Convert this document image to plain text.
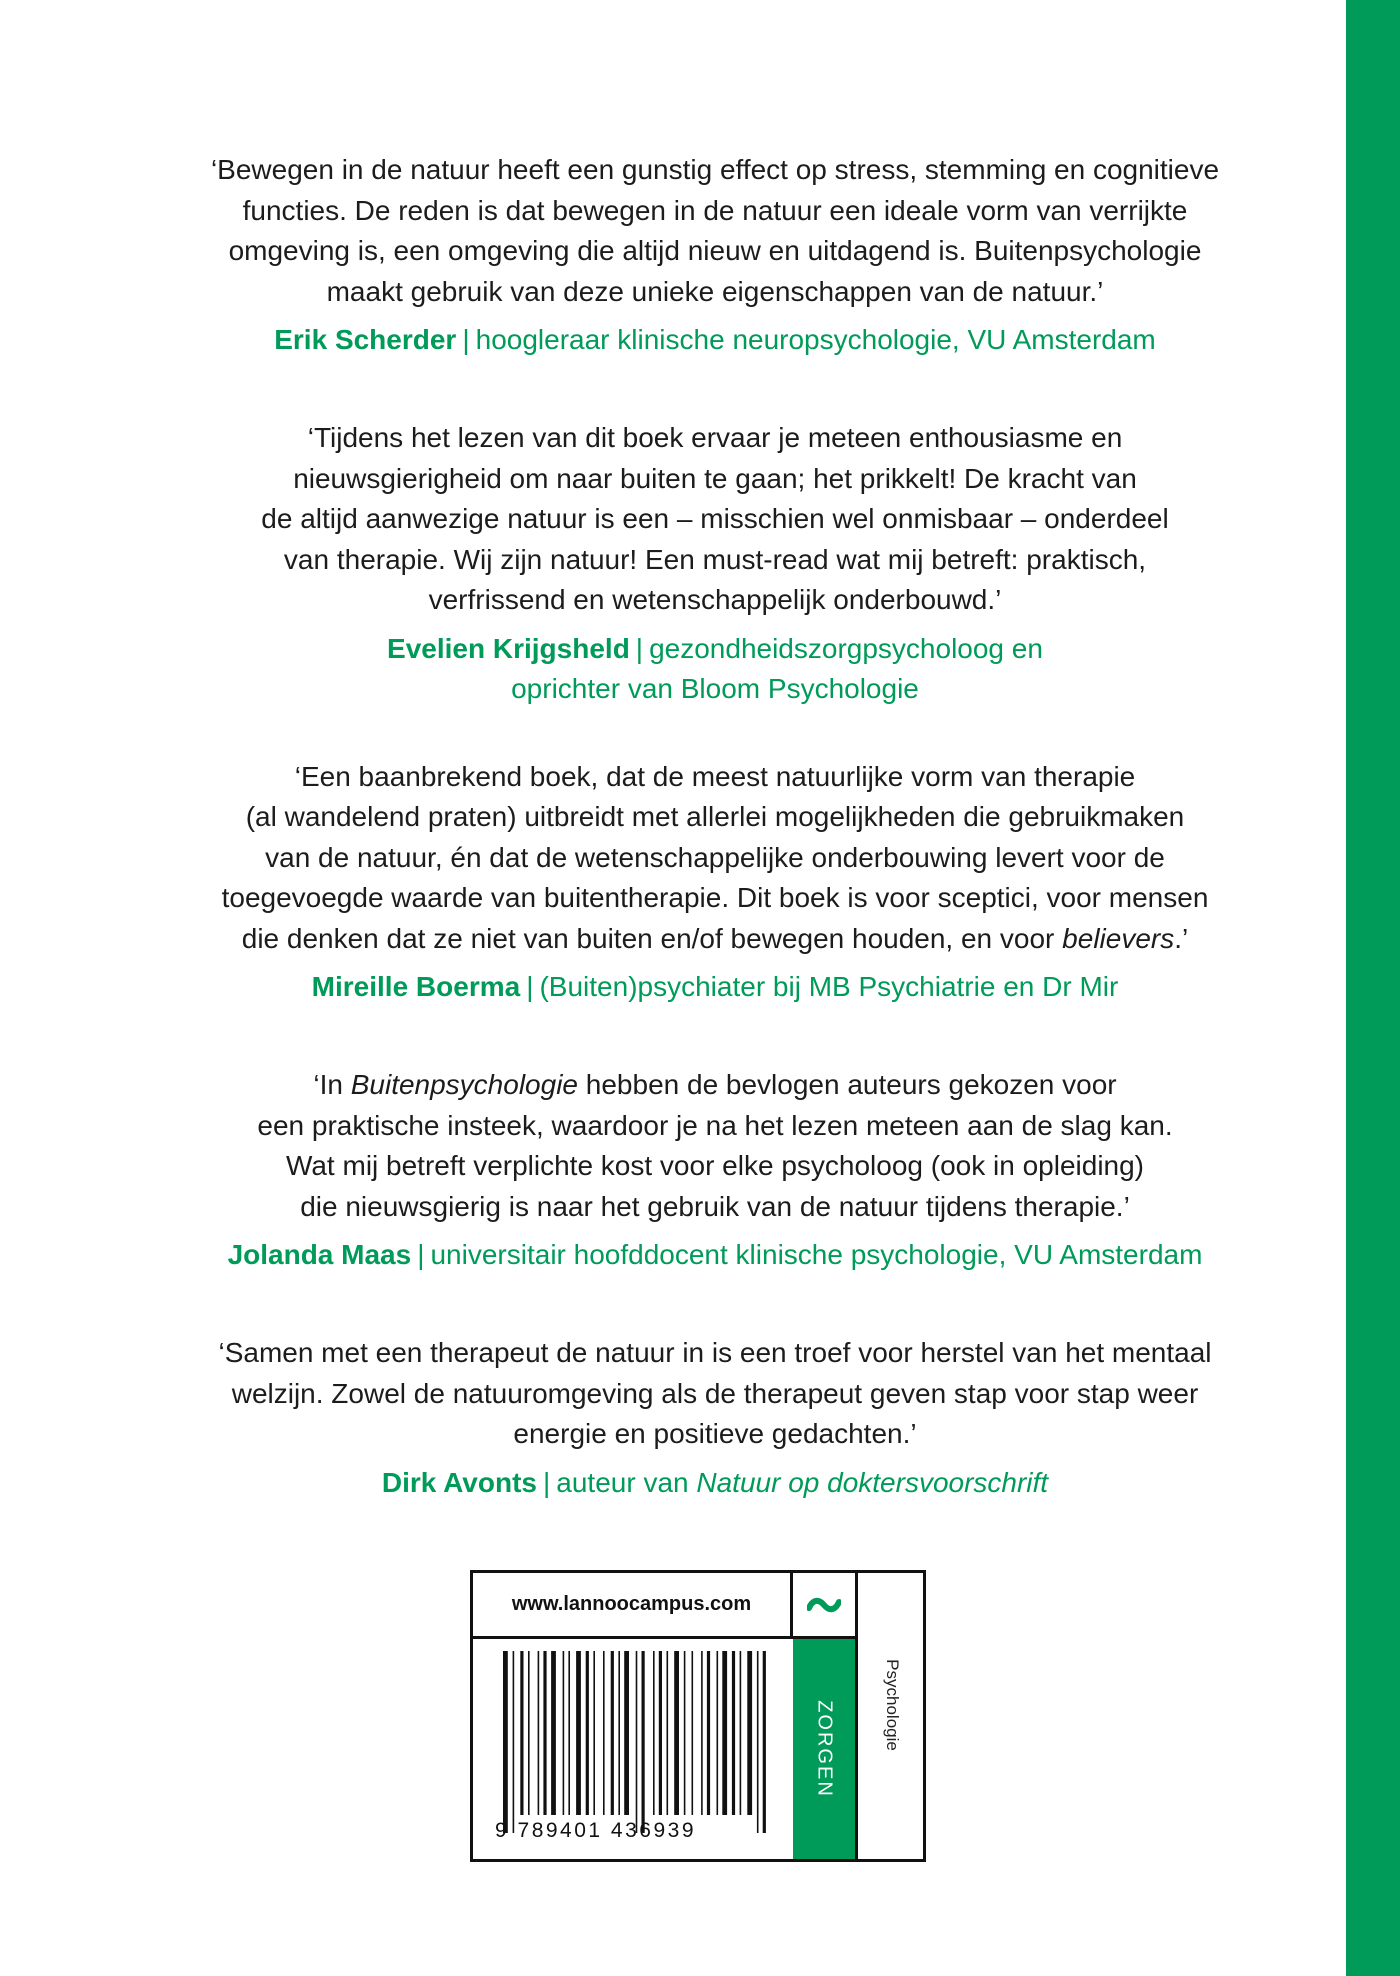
‘Bewegen in de natuur heeft een gunstig effect op stress, stemming en cognitieve
functies. De reden is dat bewegen in de natuur een ideale vorm van verrijkte
omgeving is, een omgeving die altijd nieuw en uitdagend is. Buitenpsychologie
maakt gebruik van deze unieke eigenschappen van de natuur.’

Erik Scherder | hoogleraar klinische neuropsychologie, VU Amsterdam

‘Tijdens het lezen van dit boek ervaar je meteen enthousiasme en
nieuwsgierigheid om naar buiten te gaan; het prikkelt! De kracht van
de altijd aanwezige natuur is een – misschien wel onmisbaar – onderdeel
van therapie. Wij zijn natuur! Een must-read wat mij betreft: praktisch,
verfrissend en wetenschappelijk onderbouwd.’

Evelien Krijgsheld | gezondheidszorgpsycholoog en
oprichter van Bloom Psychologie

‘Een baanbrekend boek, dat de meest natuurlijke vorm van therapie
(al wandelend praten) uitbreidt met allerlei mogelijkheden die gebruikmaken
van de natuur, én dat de wetenschappelijke onderbouwing levert voor de
toegevoegde waarde van buitentherapie. Dit boek is voor sceptici, voor mensen
die denken dat ze niet van buiten en/of bewegen houden, en voor believers.’

Mireille Boerma | (Buiten)psychiater bij MB Psychiatrie en Dr Mir

‘In Buitenpsychologie hebben de bevlogen auteurs gekozen voor
een praktische insteek, waardoor je na het lezen meteen aan de slag kan.
Wat mij betreft verplichte kost voor elke psycholoog (ook in opleiding)
die nieuwsgierig is naar het gebruik van de natuur tijdens therapie.’

Jolanda Maas | universitair hoofddocent klinische psychologie, VU Amsterdam

‘Samen met een therapeut de natuur in is een troef voor herstel van het mentaal
welzijn. Zowel de natuuromgeving als de therapeut geven stap voor stap weer
energie en positieve gedachten.’

Dirk Avonts | auteur van Natuur op doktersvoorschrift

www.lannoocampus.com
ZORGEN	Psychologie
9 789401 436939
